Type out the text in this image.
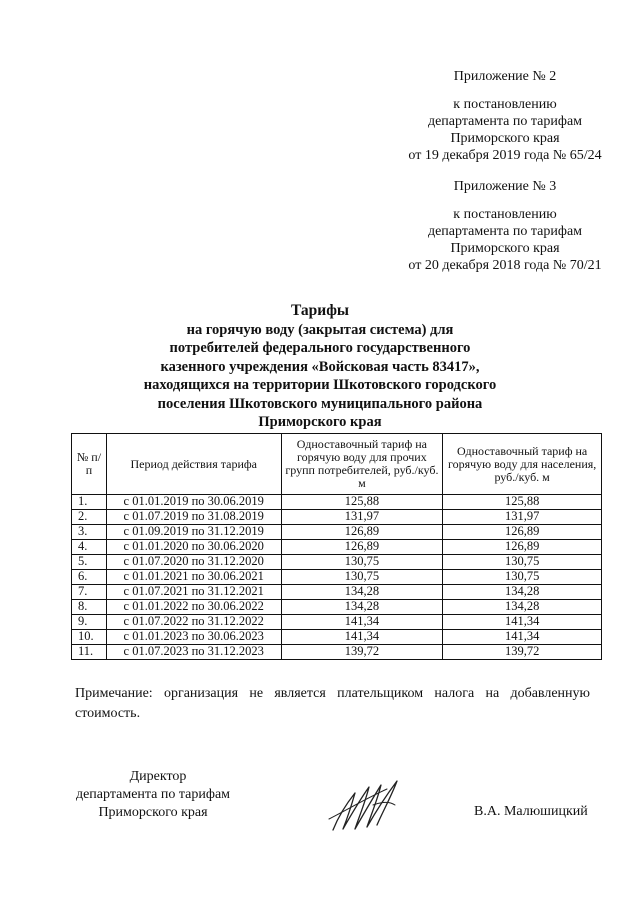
Приложение № 2
к постановлению
департамента по тарифам
Приморского края
от 19 декабря 2019 года № 65/24
Приложение № 3
к постановлению
департамента по тарифам
Приморского края
от 20 декабря 2018 года № 70/21
Тарифы
на горячую воду (закрытая система) для
потребителей федерального государственного
казенного учреждения «Войсковая часть 83417»,
находящихся на территории Шкотовского городского
поселения Шкотовского муниципального района
Приморского края
№ п/п	Период действия тарифа	Одноставочный тариф на горячую воду для прочих групп потребителей, руб./куб. м	Одноставочный тариф на горячую воду для населения, руб./куб. м
1.	с 01.01.2019 по 30.06.2019	125,88	125,88
2.	с 01.07.2019 по 31.08.2019	131,97	131,97
3.	с 01.09.2019 по 31.12.2019	126,89	126,89
4.	с 01.01.2020 по 30.06.2020	126,89	126,89
5.	с 01.07.2020 по 31.12.2020	130,75	130,75
6.	с 01.01.2021 по 30.06.2021	130,75	130,75
7.	с 01.07.2021 по 31.12.2021	134,28	134,28
8.	с 01.01.2022 по 30.06.2022	134,28	134,28
9.	с 01.07.2022 по 31.12.2022	141,34	141,34
10.	с 01.01.2023 по 30.06.2023	141,34	141,34
11.	с 01.07.2023 по 31.12.2023	139,72	139,72
Примечание: организация не является плательщиком налога на добавленную стоимость.
Директор
департамента по тарифам
Приморского края	В.А. Малюшицкий
